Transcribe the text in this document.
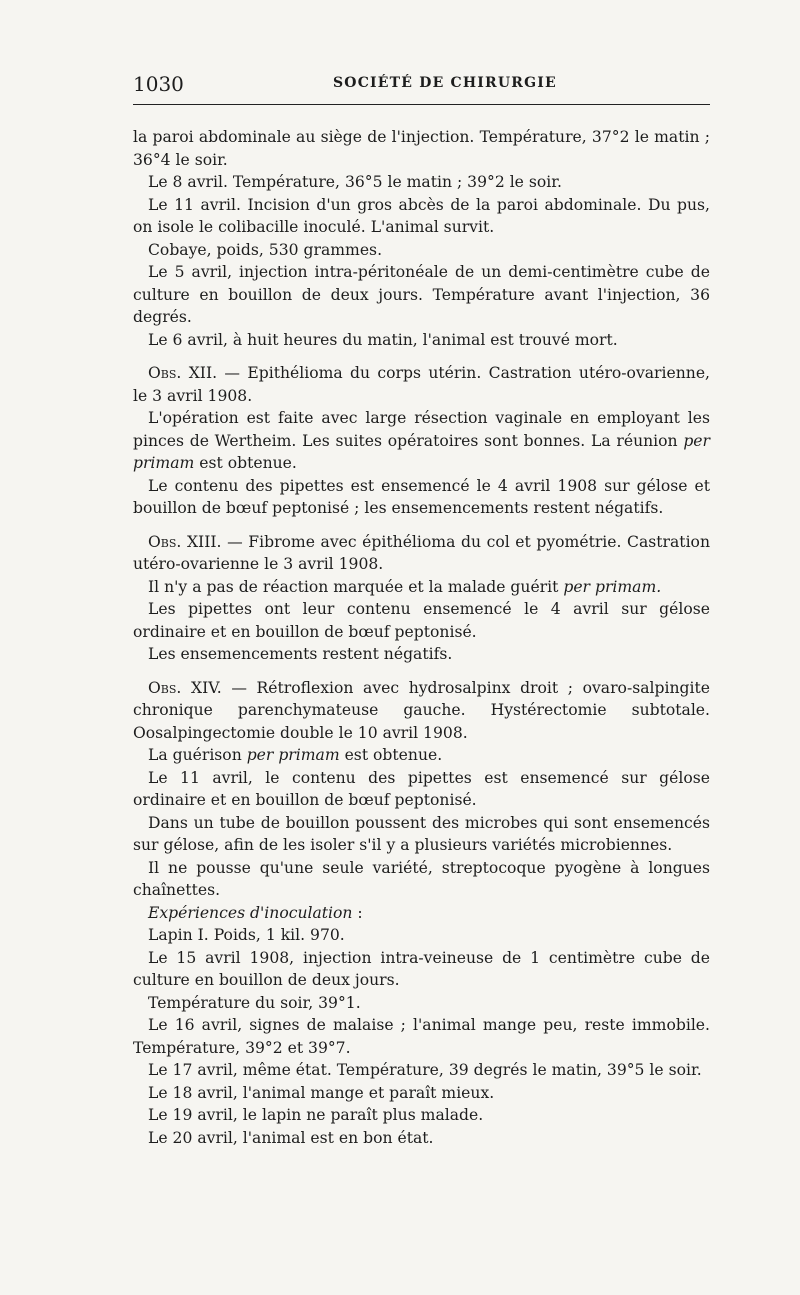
1030	SOCIÉTÉ DE CHIRURGIE

la paroi abdominale au siège de l'injection. Température, 37°2 le matin ; 36°4 le soir.

Le 8 avril. Température, 36°5 le matin ; 39°2 le soir.

Le 11 avril. Incision d'un gros abcès de la paroi abdominale. Du pus, on isole le colibacille inoculé. L'animal survit.

Cobaye, poids, 530 grammes.

Le 5 avril, injection intra-péritonéale de un demi-centimètre cube de culture en bouillon de deux jours. Température avant l'injection, 36 degrés.

Le 6 avril, à huit heures du matin, l'animal est trouvé mort.

Obs. XII. — Epithélioma du corps utérin. Castration utéro-ovarienne, le 3 avril 1908.

L'opération est faite avec large résection vaginale en employant les pinces de Wertheim. Les suites opératoires sont bonnes. La réunion per primam est obtenue.

Le contenu des pipettes est ensemencé le 4 avril 1908 sur gélose et bouillon de bœuf peptonisé ; les ensemencements restent négatifs.

Obs. XIII. — Fibrome avec épithélioma du col et pyométrie. Castration utéro-ovarienne le 3 avril 1908.

Il n'y a pas de réaction marquée et la malade guérit per primam.

Les pipettes ont leur contenu ensemencé le 4 avril sur gélose ordinaire et en bouillon de bœuf peptonisé.

Les ensemencements restent négatifs.

Obs. XIV. — Rétroflexion avec hydrosalpinx droit ; ovaro-salpingite chronique parenchymateuse gauche. Hystérectomie subtotale. Oosalpingectomie double le 10 avril 1908.

La guérison per primam est obtenue.

Le 11 avril, le contenu des pipettes est ensemencé sur gélose ordinaire et en bouillon de bœuf peptonisé.

Dans un tube de bouillon poussent des microbes qui sont ensemencés sur gélose, afin de les isoler s'il y a plusieurs variétés microbiennes.

Il ne pousse qu'une seule variété, streptocoque pyogène à longues chaînettes.

Expériences d'inoculation :

Lapin I. Poids, 1 kil. 970.

Le 15 avril 1908, injection intra-veineuse de 1 centimètre cube de culture en bouillon de deux jours.

Température du soir, 39°1.

Le 16 avril, signes de malaise ; l'animal mange peu, reste immobile. Température, 39°2 et 39°7.

Le 17 avril, même état. Température, 39 degrés le matin, 39°5 le soir.

Le 18 avril, l'animal mange et paraît mieux.

Le 19 avril, le lapin ne paraît plus malade.

Le 20 avril, l'animal est en bon état.
